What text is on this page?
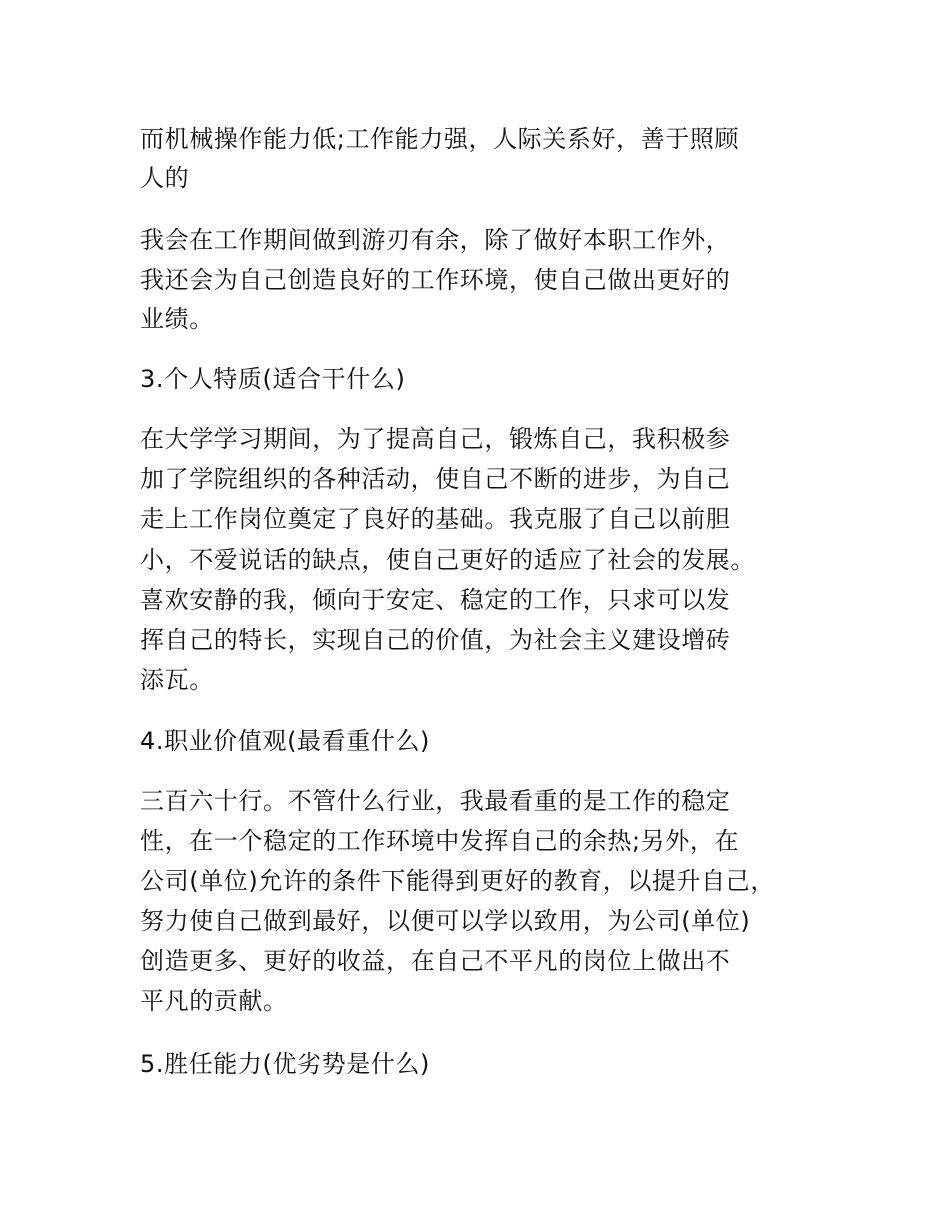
而机械操作能力低;工作能力强，人际关系好，善于照顾
人的
我会在工作期间做到游刃有余，除了做好本职工作外，
我还会为自己创造良好的工作环境，使自己做出更好的
业绩。
3.个人特质(适合干什么)
在大学学习期间，为了提高自己，锻炼自己，我积极参
加了学院组织的各种活动，使自己不断的进步，为自己
走上工作岗位奠定了良好的基础。我克服了自己以前胆
小，不爱说话的缺点，使自己更好的适应了社会的发展。
喜欢安静的我，倾向于安定、稳定的工作，只求可以发
挥自己的特长，实现自己的价值，为社会主义建设增砖
添瓦。
4.职业价值观(最看重什么)
三百六十行。不管什么行业，我最看重的是工作的稳定
性，在一个稳定的工作环境中发挥自己的余热;另外，在
公司(单位)允许的条件下能得到更好的教育，以提升自己，
努力使自己做到最好，以便可以学以致用，为公司(单位)
创造更多、更好的收益，在自己不平凡的岗位上做出不
平凡的贡献。
5.胜任能力(优劣势是什么)
